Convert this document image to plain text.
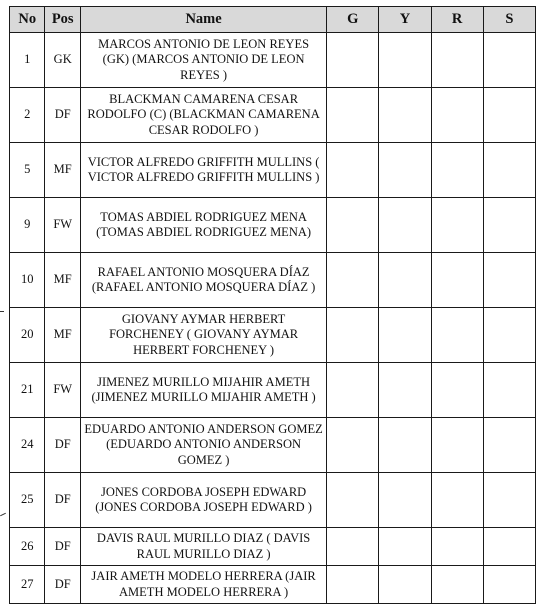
No	Pos	Name	G	Y	R	S
1	GK	MARCOS ANTONIO DE LEON REYES (GK) (MARCOS ANTONIO DE LEON REYES )				
2	DF	BLACKMAN CAMARENA CESAR RODOLFO (C) (BLACKMAN CAMARENA CESAR RODOLFO )				
5	MF	VICTOR ALFREDO GRIFFITH MULLINS ( VICTOR ALFREDO GRIFFITH MULLINS )				
9	FW	TOMAS ABDIEL RODRIGUEZ MENA (TOMAS ABDIEL RODRIGUEZ MENA)				
10	MF	RAFAEL ANTONIO MOSQUERA DÍAZ (RAFAEL ANTONIO MOSQUERA DÍAZ )				
20	MF	GIOVANY AYMAR HERBERT FORCHENEY ( GIOVANY AYMAR HERBERT FORCHENEY )				
21	FW	JIMENEZ MURILLO MIJAHIR AMETH (JIMENEZ MURILLO MIJAHIR AMETH )				
24	DF	EDUARDO ANTONIO ANDERSON GOMEZ (EDUARDO ANTONIO ANDERSON GOMEZ )				
25	DF	JONES CORDOBA JOSEPH EDWARD (JONES CORDOBA JOSEPH EDWARD )				
26	DF	DAVIS RAUL MURILLO DIAZ ( DAVIS RAUL MURILLO DIAZ )				
27	DF	JAIR AMETH MODELO HERRERA (JAIR AMETH MODELO HERRERA )				
